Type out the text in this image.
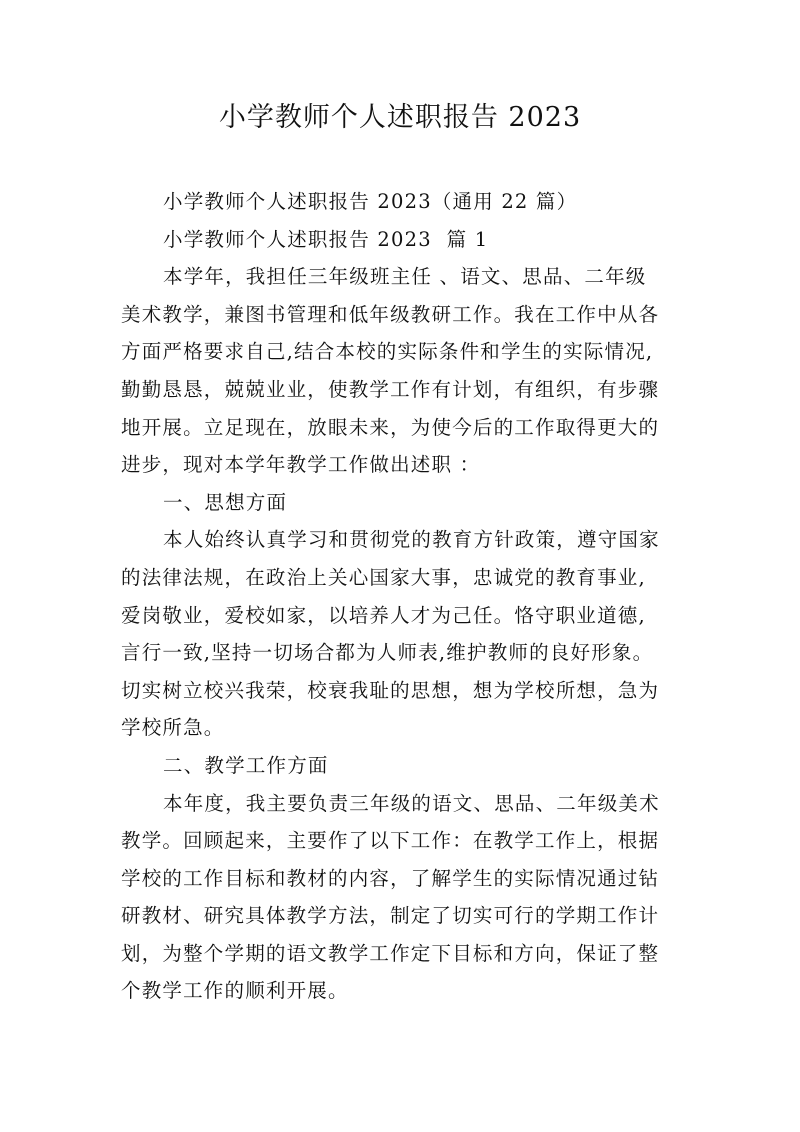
小学教师个人述职报告 2023
小学教师个人述职报告 2023（通用 22 篇）
小学教师个人述职报告 2023  篇 1
本学年，我担任三年级班主任 、语文、思品、二年级
美术教学，兼图书管理和低年级教研工作。我在工作中从各
方面严格要求自己,结合本校的实际条件和学生的实际情况,
勤勤恳恳，兢兢业业，使教学工作有计划，有组织，有步骤
地开展。立足现在，放眼未来，为使今后的工作取得更大的
进步，现对本学年教学工作做出述职 ：
一、思想方面
本人始终认真学习和贯彻党的教育方针政策，遵守国家
的法律法规，在政治上关心国家大事，忠诚党的教育事业,
爱岗敬业，爱校如家，以培养人才为己任。恪守职业道德,
言行一致,坚持一切场合都为人师表,维护教师的良好形象。
切实树立校兴我荣，校衰我耻的思想，想为学校所想，急为
学校所急。
二、教学工作方面
本年度，我主要负责三年级的语文、思品、二年级美术
教学。回顾起来，主要作了以下工作：在教学工作上，根据
学校的工作目标和教材的内容，了解学生的实际情况通过钻
研教材、研究具体教学方法，制定了切实可行的学期工作计
划，为整个学期的语文教学工作定下目标和方向，保证了整
个教学工作的顺利开展。
